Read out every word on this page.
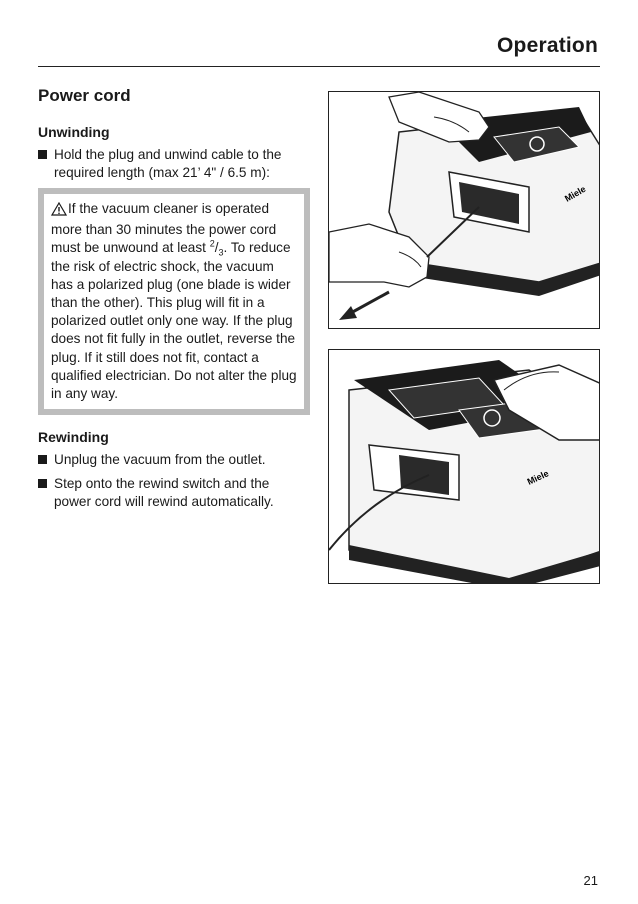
Operation
Power cord
Unwinding
Hold the plug and unwind cable to the required length (max 21’ 4" / 6.5 m):
If the vacuum cleaner is operated more than 30 minutes the power cord must be unwound at least $^2/_3$. To reduce the risk of electric shock, the vacuum has a polarized plug (one blade is wider than the other). This plug will fit in a polarized outlet only one way. If the plug does not fit fully in the outlet, reverse the plug. If it still does not fit, contact a qualified electrician. Do not alter the plug in any way.
Rewinding
Unplug the vacuum from the outlet.
Step onto the rewind switch and the power cord will rewind automatically.
Miele
Miele
21
